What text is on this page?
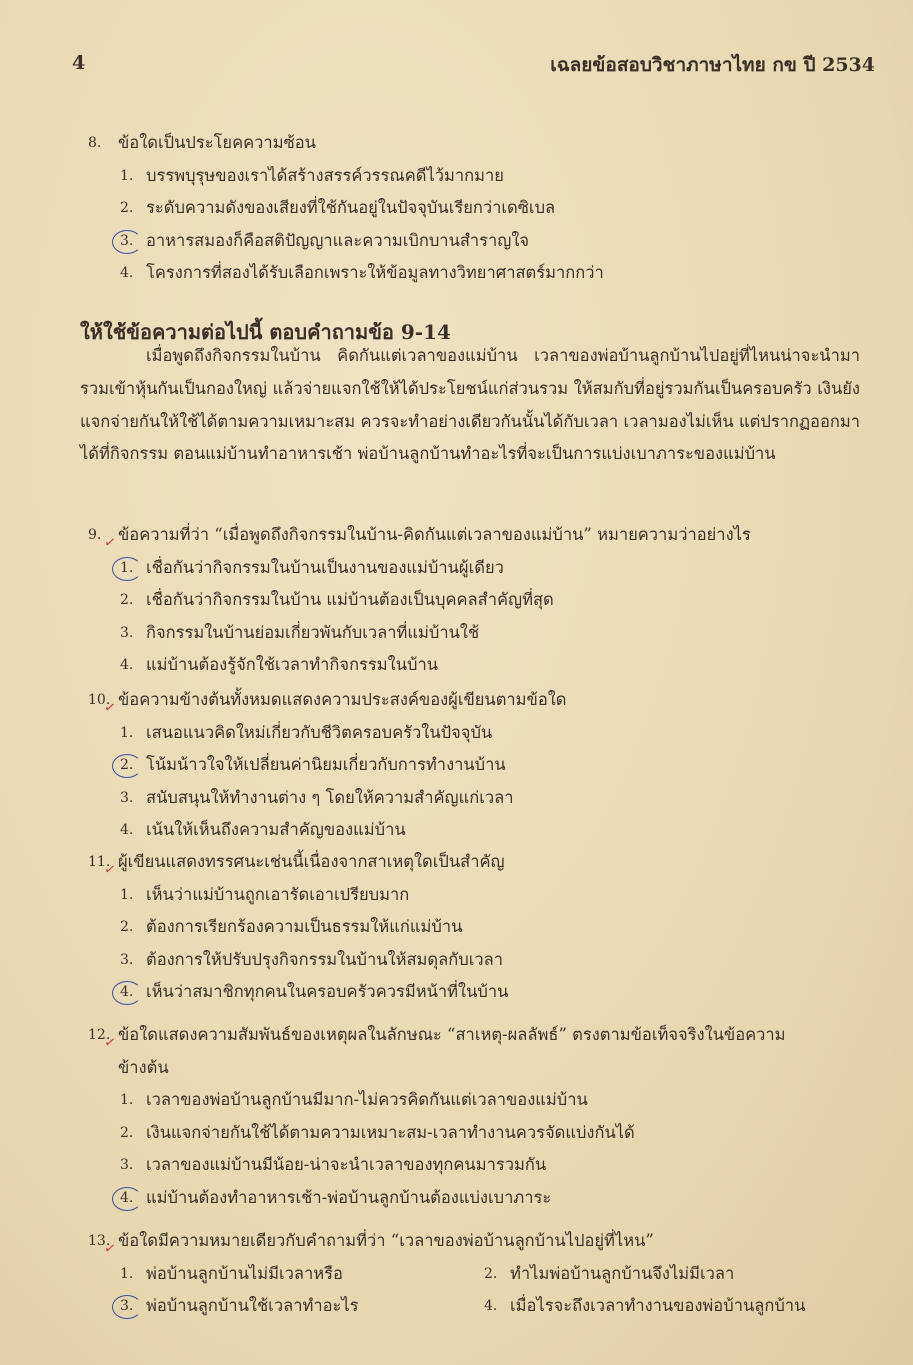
4	เฉลยข้อสอบวิชาภาษาไทย กข ปี 2534
ให้ใช้ข้อความต่อไปนี้ ตอบคำถามข้อ 9-14
เมื่อพูดถึงกิจกรรมในบ้าน คิดกันแต่เวลาของแม่บ้าน เวลาของพ่อบ้านลูกบ้านไปอยู่ที่ไหนน่าจะนำมารวมเข้าหุ้นกันเป็นกองใหญ่ แล้วจ่ายแจกใช้ให้ได้ประโยชน์แก่ส่วนรวม ให้สมกับที่อยู่รวมกันเป็นครอบครัว เงินยังแจกจ่ายกันให้ใช้ได้ตามความเหมาะสม ควรจะทำอย่างเดียวกันนั้นได้กับเวลา เวลามองไม่เห็น แต่ปรากฏออกมาได้ที่กิจกรรม ตอนแม่บ้านทำอาหารเช้า พ่อบ้านลูกบ้านทำอะไรที่จะเป็นการแบ่งเบาภาระของแม่บ้าน
8. ข้อใดเป็นประโยคความซ้อน
1. บรรพบุรุษของเราได้สร้างสรรค์วรรณคดีไว้มากมาย
2. ระดับความดังของเสียงที่ใช้กันอยู่ในปัจจุบันเรียกว่าเดซิเบล
3. อาหารสมองก็คือสติปัญญาและความเบิกบานสำราญใจ
4. โครงการที่สองได้รับเลือกเพราะให้ข้อมูลทางวิทยาศาสตร์มากกว่า
9. ✓ ข้อความที่ว่า “เมื่อพูดถึงกิจกรรมในบ้าน-คิดกันแต่เวลาของแม่บ้าน” หมายความว่าอย่างไร
1. เชื่อกันว่ากิจกรรมในบ้านเป็นงานของแม่บ้านผู้เดียว
2. เชื่อกันว่ากิจกรรมในบ้าน แม่บ้านต้องเป็นบุคคลสำคัญที่สุด
3. กิจกรรมในบ้านย่อมเกี่ยวพันกับเวลาที่แม่บ้านใช้
4. แม่บ้านต้องรู้จักใช้เวลาทำกิจกรรมในบ้าน
10.
✓ ข้อความข้างต้นทั้งหมดแสดงความประสงค์ของผู้เขียนตามข้อใด
1. เสนอแนวคิดใหม่เกี่ยวกับชีวิตครอบครัวในปัจจุบัน
2. โน้มน้าวใจให้เปลี่ยนค่านิยมเกี่ยวกับการทำงานบ้าน
3. สนับสนุนให้ทำงานต่าง ๆ โดยให้ความสำคัญแก่เวลา
4. เน้นให้เห็นถึงความสำคัญของแม่บ้าน
11.
✓ ผู้เขียนแสดงทรรศนะเช่นนี้เนื่องจากสาเหตุใดเป็นสำคัญ
1. เห็นว่าแม่บ้านถูกเอารัดเอาเปรียบมาก
2. ต้องการเรียกร้องความเป็นธรรมให้แก่แม่บ้าน
3. ต้องการให้ปรับปรุงกิจกรรมในบ้านให้สมดุลกับเวลา
4. เห็นว่าสมาชิกทุกคนในครอบครัวควรมีหน้าที่ในบ้าน
12.
✓ ข้อใดแสดงความสัมพันธ์ของเหตุผลในลักษณะ “สาเหตุ-ผลลัพธ์” ตรงตามข้อเท็จจริงในข้อความ
ข้างต้น
1. เวลาของพ่อบ้านลูกบ้านมีมาก-ไม่ควรคิดกันแต่เวลาของแม่บ้าน
2. เงินแจกจ่ายกันใช้ได้ตามความเหมาะสม-เวลาทำงานควรจัดแบ่งกันได้
3. เวลาของแม่บ้านมีน้อย-น่าจะนำเวลาของทุกคนมารวมกัน
4. แม่บ้านต้องทำอาหารเช้า-พ่อบ้านลูกบ้านต้องแบ่งเบาภาระ
13.
✓ ข้อใดมีความหมายเดียวกับคำถามที่ว่า “เวลาของพ่อบ้านลูกบ้านไปอยู่ที่ไหน”
1. พ่อบ้านลูกบ้านไม่มีเวลาหรือ	2. ทำไมพ่อบ้านลูกบ้านจึงไม่มีเวลา
3. พ่อบ้านลูกบ้านใช้เวลาทำอะไร	4. เมื่อไรจะถึงเวลาทำงานของพ่อบ้านลูกบ้าน
